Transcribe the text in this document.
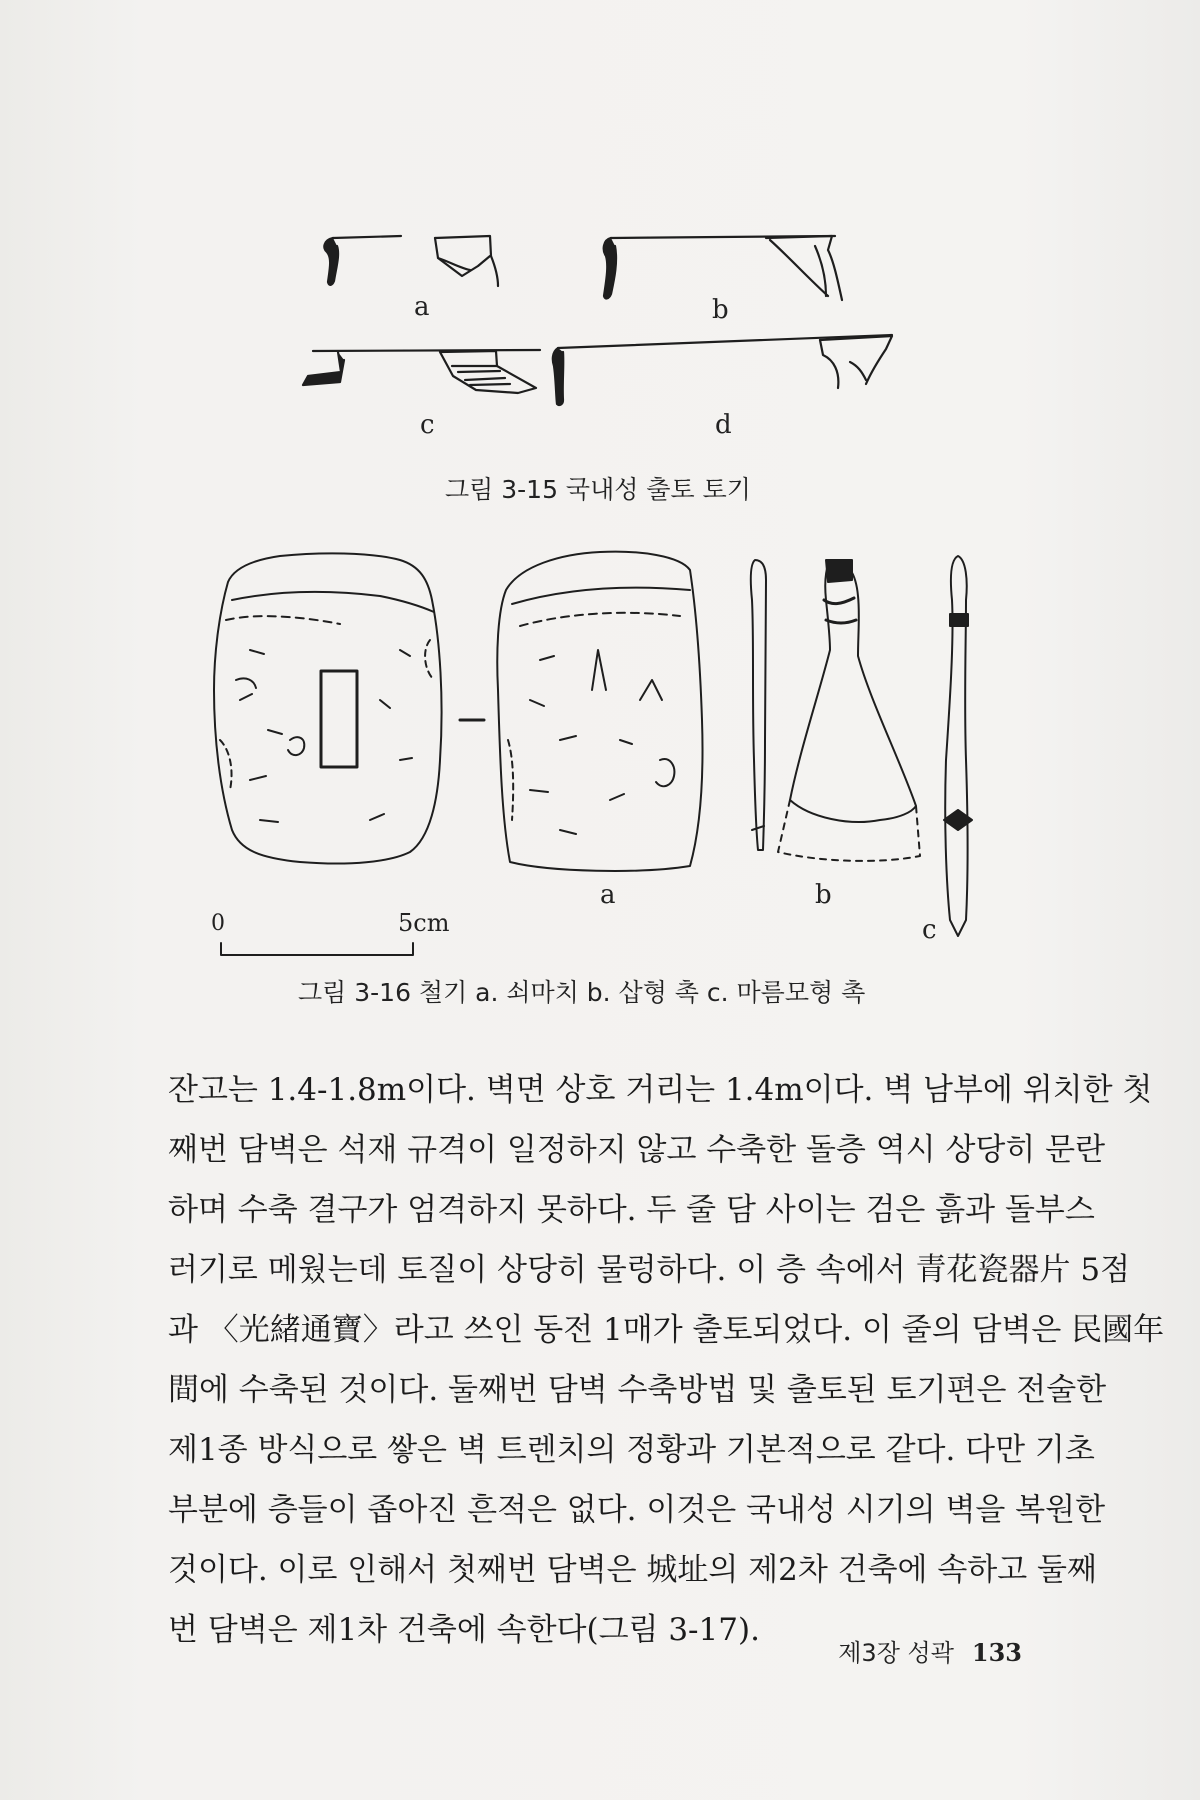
a	b
c	d
그림 3-15 국내성 출토 토기
a	b
c
0	5cm
그림 3-16 철기 a. 쇠마치 b. 삽형 촉 c. 마름모형 촉
잔고는 1.4-1.8m이다. 벽면 상호 거리는 1.4m이다. 벽 남부에 위치한 첫
째번 담벽은 석재 규격이 일정하지 않고 수축한 돌층 역시 상당히 문란
하며 수축 결구가 엄격하지 못하다. 두 줄 담 사이는 검은 흙과 돌부스
러기로 메웠는데 토질이 상당히 물렁하다. 이 층 속에서 青花瓷器片 5점
과 〈光緒通寶〉라고 쓰인 동전 1매가 출토되었다. 이 줄의 담벽은 民國年
間에 수축된 것이다. 둘째번 담벽 수축방법 및 출토된 토기편은 전술한
제1종 방식으로 쌓은 벽 트렌치의 정황과 기본적으로 같다. 다만 기초
부분에 층들이 좁아진 흔적은 없다. 이것은 국내성 시기의 벽을 복원한
것이다. 이로 인해서 첫째번 담벽은 城址의 제2차 건축에 속하고 둘째
번 담벽은 제1차 건축에 속한다(그림 3-17).
제3장 성곽 133
